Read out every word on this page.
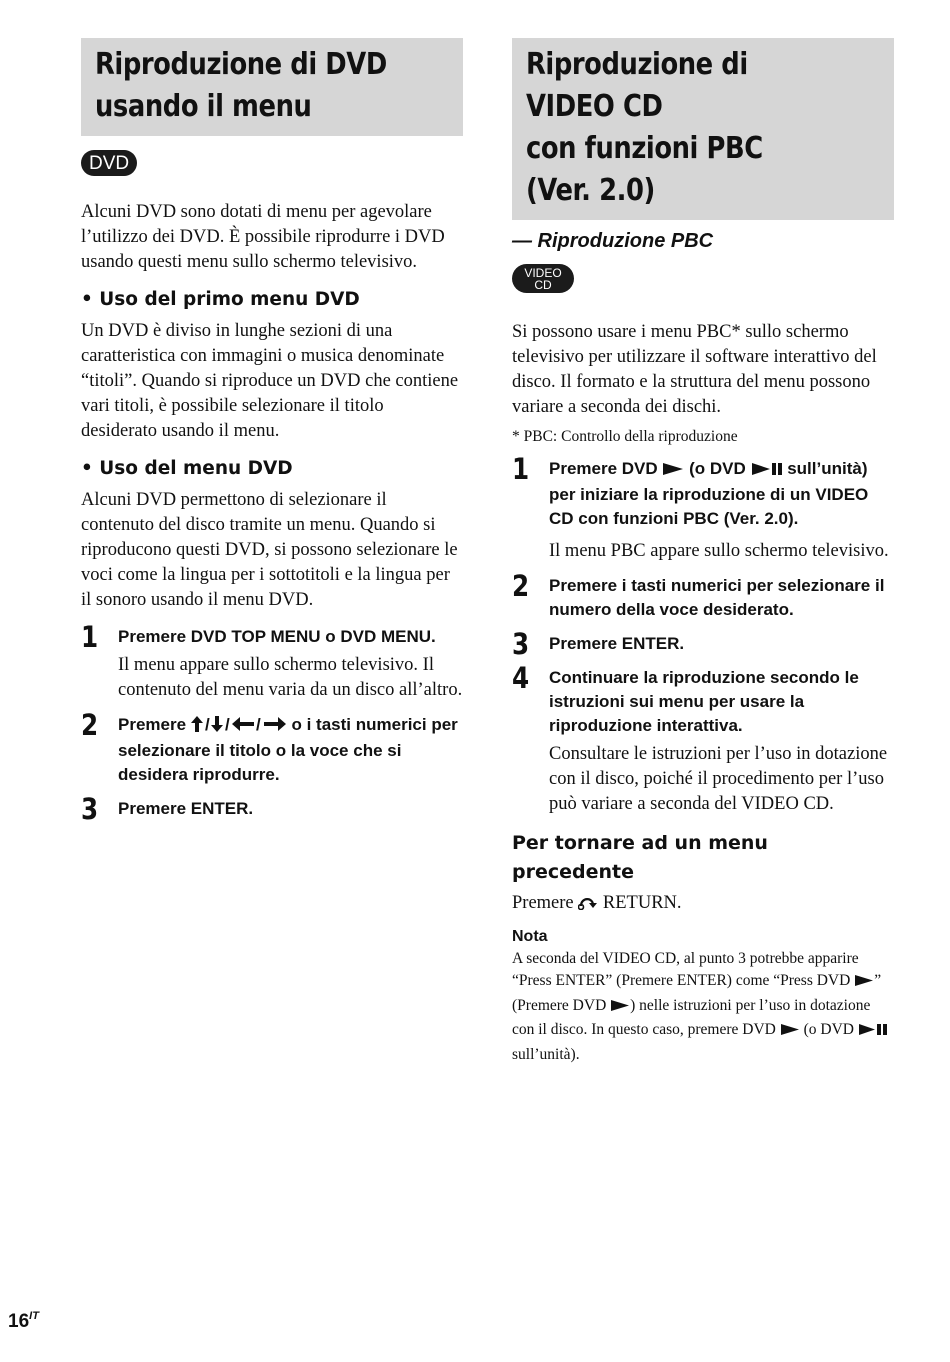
Riproduzione di DVD
usando il menu
DVD

Alcuni DVD sono dotati di menu per agevolare l’utilizzo dei DVD. È possibile riprodurre i DVD usando questi menu sullo schermo televisivo.

• Uso del primo menu DVD

Un DVD è diviso in lunghe sezioni di una caratteristica con immagini o musica denominate “titoli”. Quando si riproduce un DVD che contiene vari titoli, è possibile selezionare il titolo desiderato usando il menu.

• Uso del menu DVD

Alcuni DVD permettono di selezionare il contenuto del disco tramite un menu. Quando si riproducono questi DVD, si possono selezionare le voci come la lingua per i sottotitoli e la lingua per il sonoro usando il menu DVD.

1 Premere DVD TOP MENU o DVD MENU.

Il menu appare sullo schermo televisivo. Il contenuto del menu varia da un disco all’altro.

2 Premere / / / o i tasti numerici per selezionare il titolo o la voce che si desidera riprodurre.

3 Premere ENTER.

Riproduzione di VIDEO CD
con funzioni PBC
(Ver. 2.0)

— Riproduzione PBC

VIDEO
CD

Si possono usare i menu PBC* sullo schermo televisivo per utilizzare il software interattivo del disco. Il formato e la struttura del menu possono variare a seconda dei dischi.

* PBC: Controllo della riproduzione

1 Premere DVD  (o DVD  sull’unità) per iniziare la riproduzione di un VIDEO CD con funzioni PBC (Ver. 2.0).

Il menu PBC appare sullo schermo televisivo.

2 Premere i tasti numerici per selezionare il numero della voce desiderato.

3 Premere ENTER.

4 Continuare la riproduzione secondo le istruzioni sui menu per usare la riproduzione interattiva.

Consultare le istruzioni per l’uso in dotazione con il disco, poiché il procedimento per l’uso può variare a seconda del VIDEO CD.

Per tornare ad un menu precedente

Premere  RETURN.

Nota

A seconda del VIDEO CD, al punto 3 potrebbe apparire “Press ENTER” (Premere ENTER) come “Press DVD ” (Premere DVD ) nelle istruzioni per l’uso in dotazione con il disco. In questo caso, premere DVD  (o DVD  sull’unità).

$16^{IT}$
